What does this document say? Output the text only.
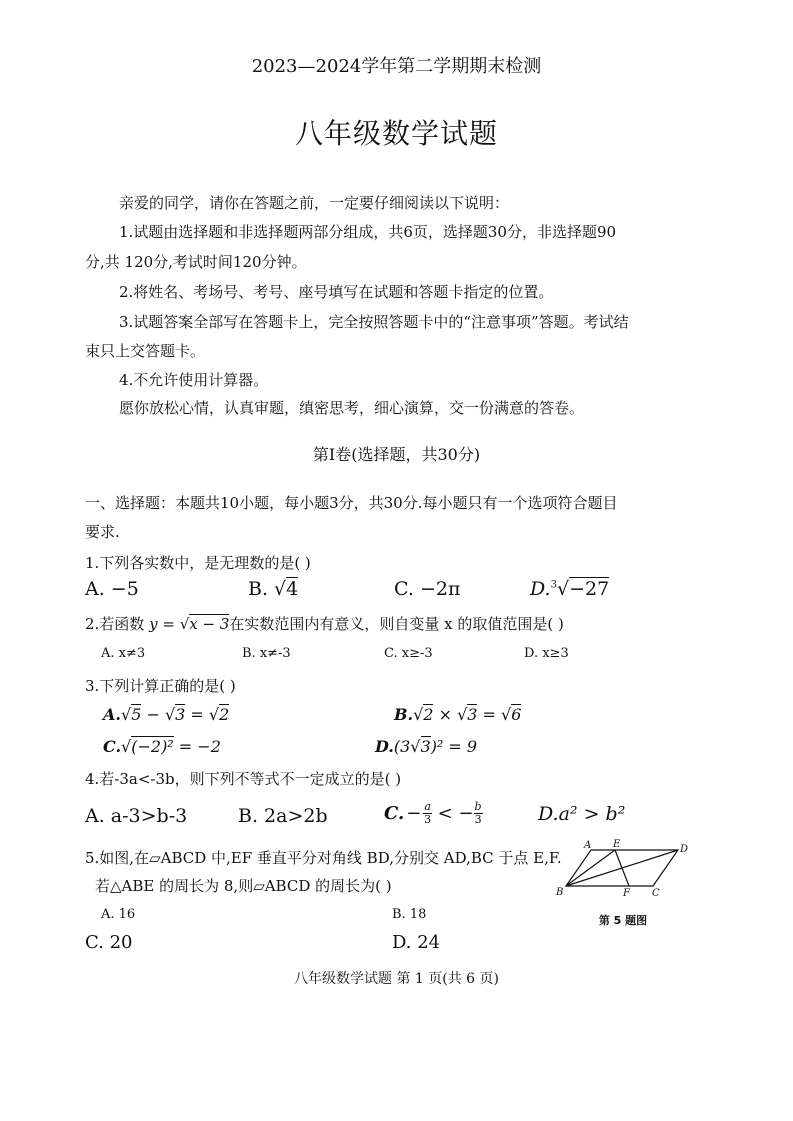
2023—2024学年第二学期期末检测
八年级数学试题
亲爱的同学，请你在答题之前，一定要仔细阅读以下说明：
1.试题由选择题和非选择题两部分组成，共6页，选择题30分，非选择题90
分,共 120分,考试时间120分钟。
2.将姓名、考场号、考号、座号填写在试题和答题卡指定的位置。
3.试题答案全部写在答题卡上，完全按照答题卡中的“注意事项”答题。考试结
束只上交答题卡。
4.不允许使用计算器。
愿你放松心情，认真审题，缜密思考，细心演算，交一份满意的答卷。
第Ⅰ卷(选择题，共30分)
一、选择题：本题共10小题，每小题3分，共30分.每小题只有一个选项符合题目
要求.
1.下列各实数中，是无理数的是( )
A. −5	B. √4	C. −2π	D.$^3$√−27
2.若函数 y = √x − 3在实数范围内有意义，则自变量 x 的取值范围是( )
A. x≠3	B. x≠-3	C. x≥-3	D. x≥3
3.下列计算正确的是( )
A.√5 − √3 = √2	B.√2 × √3 = √6
C.√(−2)² = −2	D.(3√3)² = 9
4.若-3a<-3b，则下列不等式不一定成立的是( )
A. a-3>b-3	B. 2a>2b	C. − $\frac{a}{3}$ < − $\frac{b}{3}$	D.a² > b²
5.如图,在▱ABCD 中,EF 垂直平分对角线 BD,分别交 AD,BC 于点 E,F.
若△ABE 的周长为 8,则▱ABCD 的周长为( )
A. 16	B. 18
C. 20	D. 24
A E	D
B	F C
第 5 题图
八年级数学试题 第 1 页(共 6 页)
